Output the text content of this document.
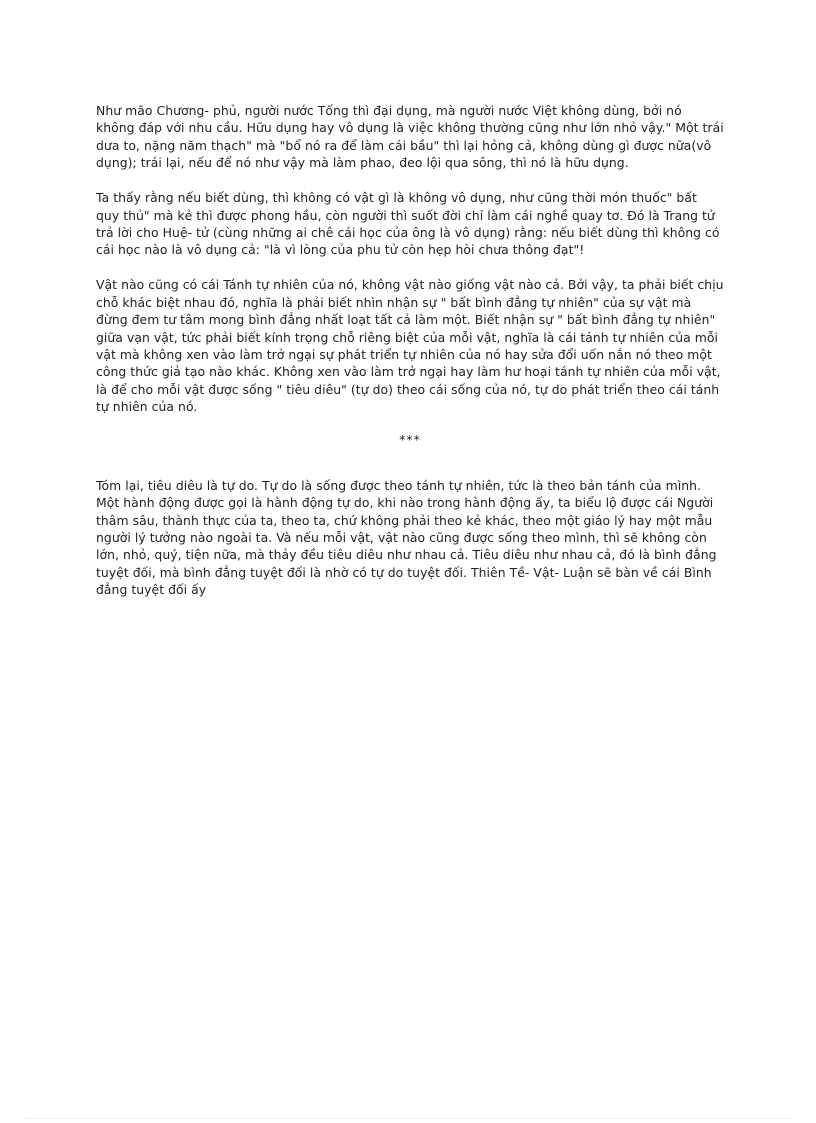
Như mão Chương- phủ, người nước Tống thì đại dụng, mà người nước Việt không dùng, bởi nó không đáp với nhu cầu. Hữu dụng hay vô dụng là việc không thường cũng như lớn nhỏ vậy." Một trái dưa to, nặng năm thạch" mà "bổ nó ra để làm cái bầu" thì lại hỏng cả, không dùng gì được nữa(vô dụng); trái lại, nếu để nó như vậy mà làm phao, đeo lội qua sông, thì nó là hữu dụng.

Ta thấy rằng nếu biết dùng, thì không có vật gì là không vô dụng, như cũng thời món thuốc" bất quy thủ" mà kẻ thì được phong hầu, còn người thì suốt đời chỉ làm cái nghề quay tơ. Đó là Trang tử trả lời cho Huệ- tử (cùng những ai chê cái học của ông là vô dụng) rằng: nếu biết dùng thì không có cái học nào là vô dụng cả: "là vì lòng của phu tử còn hẹp hòi chưa thông đạt"!

Vật nào cũng có cái Tánh tự nhiên của nó, không vật nào giống vật nào cả. Bởi vậy, ta phải biết chịu chỗ khác biệt nhau đó, nghĩa là phải biết nhìn nhận sự " bất bình đẳng tự nhiên" của sự vật mà đừng đem tư tâm mong bình đẳng nhất loạt tất cả làm một. Biết nhận sự " bất bình đẳng tự nhiên" giữa vạn vật, tức phải biết kính trọng chỗ riêng biệt của mỗi vật, nghĩa là cái tánh tự nhiên của mỗi vật mà không xen vào làm trở ngại sự phát triển tự nhiên của nó hay sửa đổi uốn nắn nó theo một công thức giả tạo nào khác. Không xen vào làm trở ngại hay làm hư hoại tánh tự nhiên của mỗi vật, là để cho mỗi vật được sống " tiêu diêu" (tự do) theo cái sống của nó, tự do phát triển theo cái tánh tự nhiên của nó.

***

Tóm lại, tiêu diêu là tự do. Tự do là sống được theo tánh tự nhiên, tức là theo bản tánh của mình. Một hành động được gọi là hành động tự do, khi nào trong hành động ấy, ta biểu lộ được cái Người thâm sâu, thành thực của ta, theo ta, chứ không phải theo kẻ khác, theo một giáo lý hay một mẫu người lý tưởng nào ngoài ta. Và nếu mỗi vật, vật nào cũng được sống theo mình, thì sẽ không còn lớn, nhỏ, quý, tiện nữa, mà thảy đều tiêu diêu như nhau cả. Tiêu diêu như nhau cả, đó là bình đẳng tuyệt đối, mà bình đẳng tuyệt đối là nhờ có tự do tuyệt đối. Thiên Tề- Vật- Luận sẽ bàn về cái Bình đẳng tuyệt đối ấy
